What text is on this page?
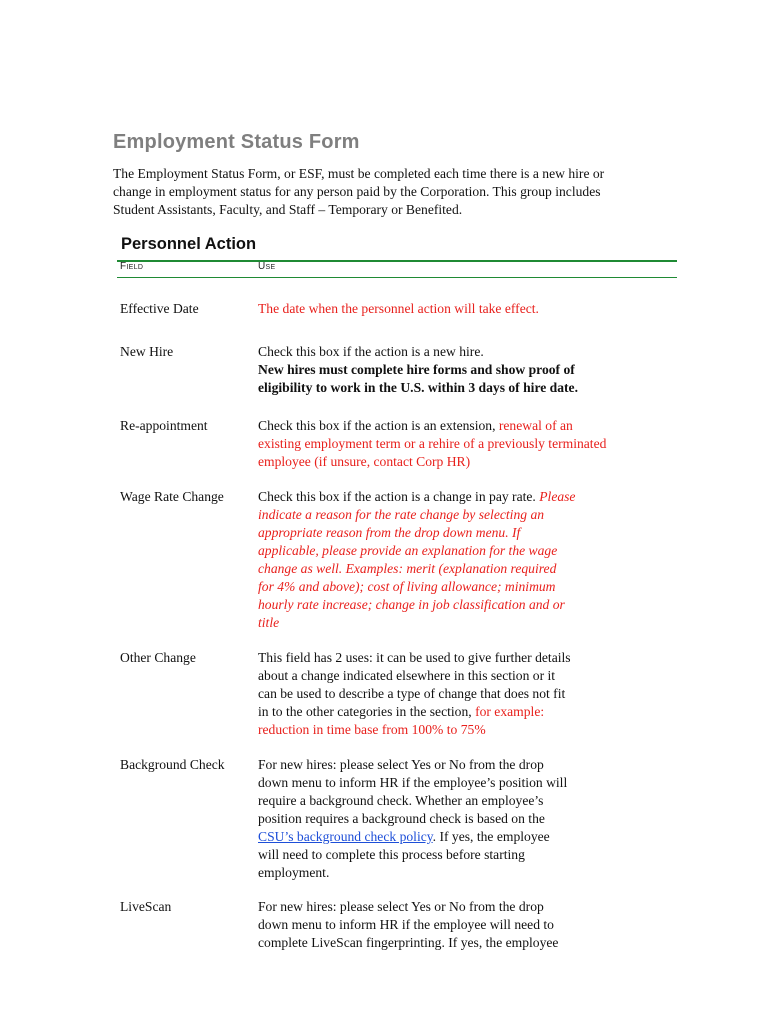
Employment Status Form
The Employment Status Form, or ESF, must be completed each time there is a new hire or
change in employment status for any person paid by the Corporation. This group includes
Student Assistants, Faculty, and Staff – Temporary or Benefited.
Personnel Action
Field	Use
Effective Date	The date when the personnel action will take effect.
New Hire	Check this box if the action is a new hire.
New hires must complete hire forms and show proof of
eligibility to work in the U.S. within 3 days of hire date.
Re-appointment	Check this box if the action is an extension, renewal of an
existing employment term or a rehire of a previously terminated
employee (if unsure, contact Corp HR)
Wage Rate Change	Check this box if the action is a change in pay rate. Please
indicate a reason for the rate change by selecting an
appropriate reason from the drop down menu. If
applicable, please provide an explanation for the wage
change as well. Examples: merit (explanation required
for 4% and above); cost of living allowance; minimum
hourly rate increase; change in job classification and or
title
Other Change	This field has 2 uses: it can be used to give further details
about a change indicated elsewhere in this section or it
can be used to describe a type of change that does not fit
in to the other categories in the section, for example:
reduction in time base from 100% to 75%
Background Check	For new hires: please select Yes or No from the drop
down menu to inform HR if the employee’s position will
require a background check. Whether an employee’s
position requires a background check is based on the
CSU’s background check policy. If yes, the employee
will need to complete this process before starting
employment.
LiveScan	For new hires: please select Yes or No from the drop
down menu to inform HR if the employee will need to
complete LiveScan fingerprinting. If yes, the employee
